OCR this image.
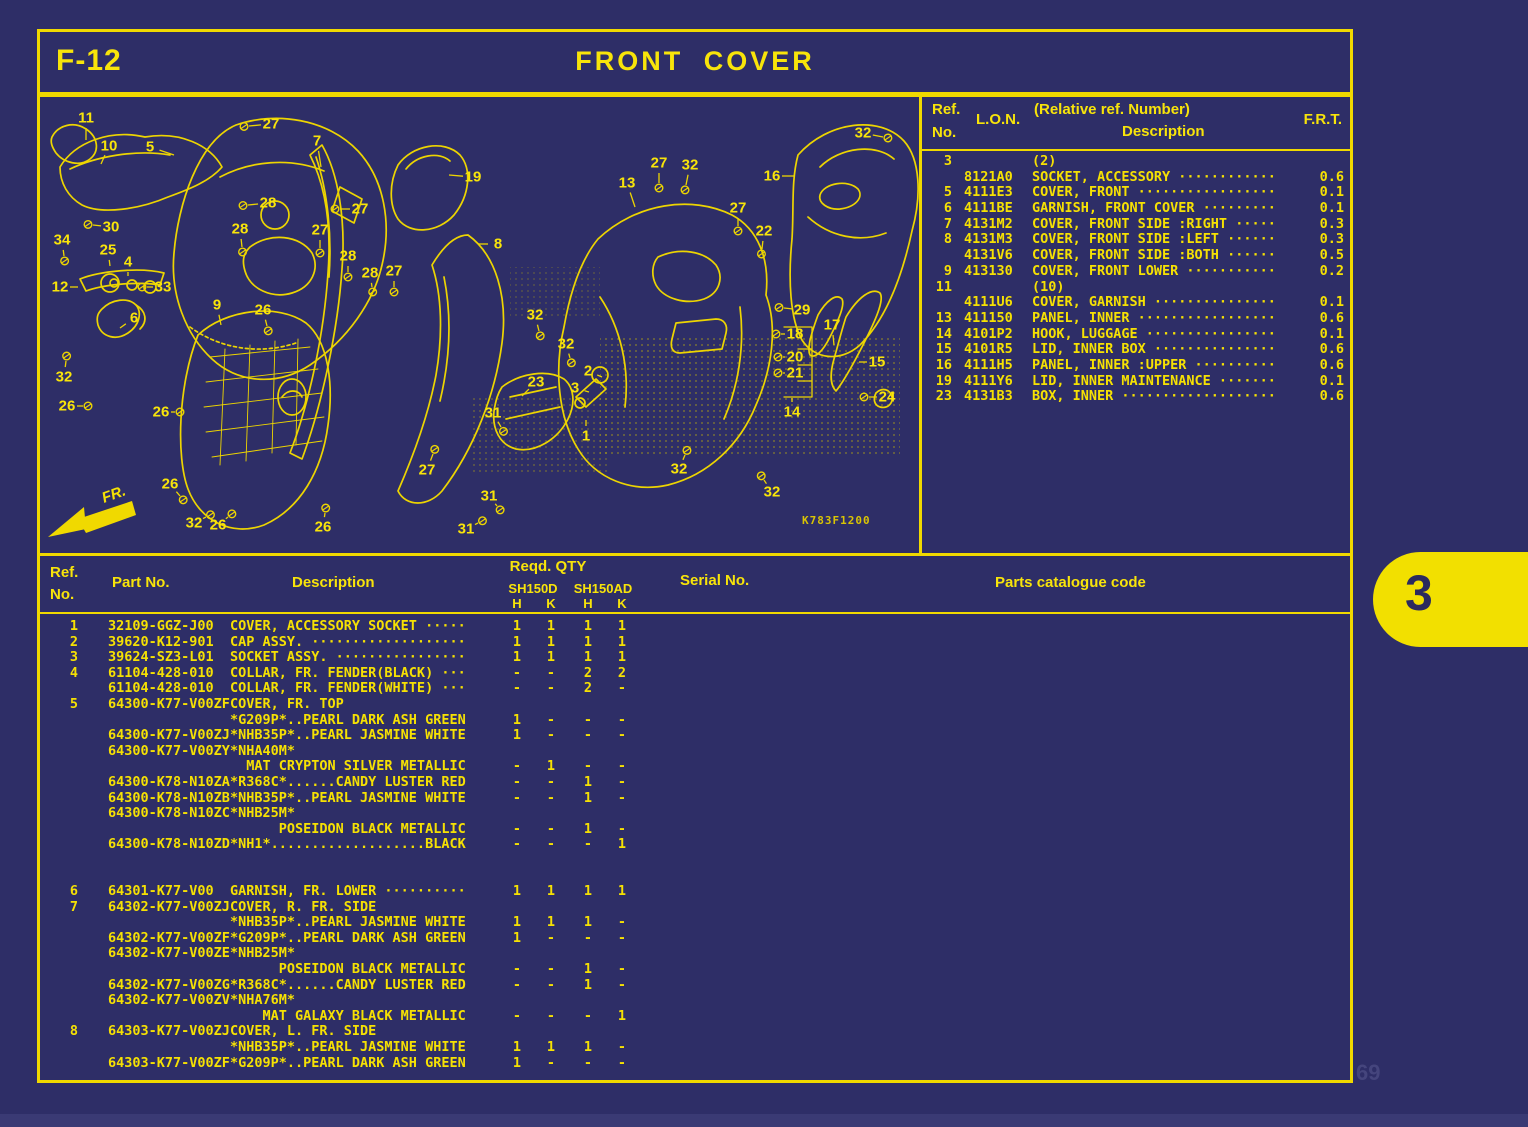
F-12	FRONT COVER
FR.
11
10 5
27
7
19
28	27
28	27
30
34
25
4
12	33
8
28
28 27
13
27 32
16
32
27
22
6
9 26	32
32
29
18
17
20
21
15
32
26	26
23
2
3
24
14
31
1
27
26
31
32 26	26	31
32
32
K783F1200
Ref.
No.
L.O.N.
(Relative ref. Number)
Description
F.R.T.
3	(2)
8121A0 SOCKET, ACCESSORY ············	0.6
5 4111E3 COVER, FRONT ·················	0.1
6 4111BE GARNISH, FRONT COVER ·········	0.1
7 4131M2 COVER, FRONT SIDE :RIGHT ·····	0.3
8 4131M3 COVER, FRONT SIDE :LEFT ······	0.3
4131V6 COVER, FRONT SIDE :BOTH ······	0.5
9 413130 COVER, FRONT LOWER ···········	0.2
11	(10)
4111U6 COVER, GARNISH ···············	0.1
13 411150 PANEL, INNER ·················	0.6
14 4101P2 HOOK, LUGGAGE ················	0.1
15 4101R5 LID, INNER BOX ···············	0.6
16 4111H5 PANEL, INNER :UPPER ··········	0.6
19 4111Y6 LID, INNER MAINTENANCE ·······	0.1
23 4131B3 BOX, INNER ···················	0.6
Ref.
No.
Part No.	Description
Reqd. QTY
SH150D	SH150AD
H	K	H	K
Serial No.	Parts catalogue code
1 32109-GGZ-J00 COVER, ACCESSORY SOCKET ·····	1	1	1	1
2 39620-K12-901 CAP ASSY. ···················	1	1	1	1
3 39624-SZ3-L01 SOCKET ASSY. ················	1	1	1	1
4 61104-428-010 COLLAR, FR. FENDER(BLACK) ···	-	-	2	2
61104-428-010 COLLAR, FR. FENDER(WHITE) ···	-	-	2	-
5 64300-K77-V00ZF COVER, FR. TOP
*G209P*..PEARL DARK ASH GREEN	1	-	-	-
64300-K77-V00ZJ *NHB35P*..PEARL JASMINE WHITE	1	-	-	-
64300-K77-V00ZY *NHA40M*
MAT CRYPTON SILVER METALLIC	-	1	-	-
64300-K78-N10ZA *R368C*......CANDY LUSTER RED	-	-	1	-
64300-K78-N10ZB *NHB35P*..PEARL JASMINE WHITE	-	-	1	-
64300-K78-N10ZC *NHB25M*
POSEIDON BLACK METALLIC	-	-	1	-
64300-K78-N10ZD *NH1*...................BLACK	-	-	-	1
6 64301-K77-V00 GARNISH, FR. LOWER ··········	1	1	1	1
7 64302-K77-V00ZJ COVER, R. FR. SIDE
*NHB35P*..PEARL JASMINE WHITE	1	1	1	-
64302-K77-V00ZF *G209P*..PEARL DARK ASH GREEN	1	-	-	-
64302-K77-V00ZE *NHB25M*
POSEIDON BLACK METALLIC	-	-	1	-
64302-K77-V00ZG *R368C*......CANDY LUSTER RED	-	-	1	-
64302-K77-V00ZV *NHA76M*
MAT GALAXY BLACK METALLIC	-	-	-	1
8 64303-K77-V00ZJ COVER, L. FR. SIDE
*NHB35P*..PEARL JASMINE WHITE	1	1	1	-
64303-K77-V00ZF *G209P*..PEARL DARK ASH GREEN	1	-	-	-
3
69
